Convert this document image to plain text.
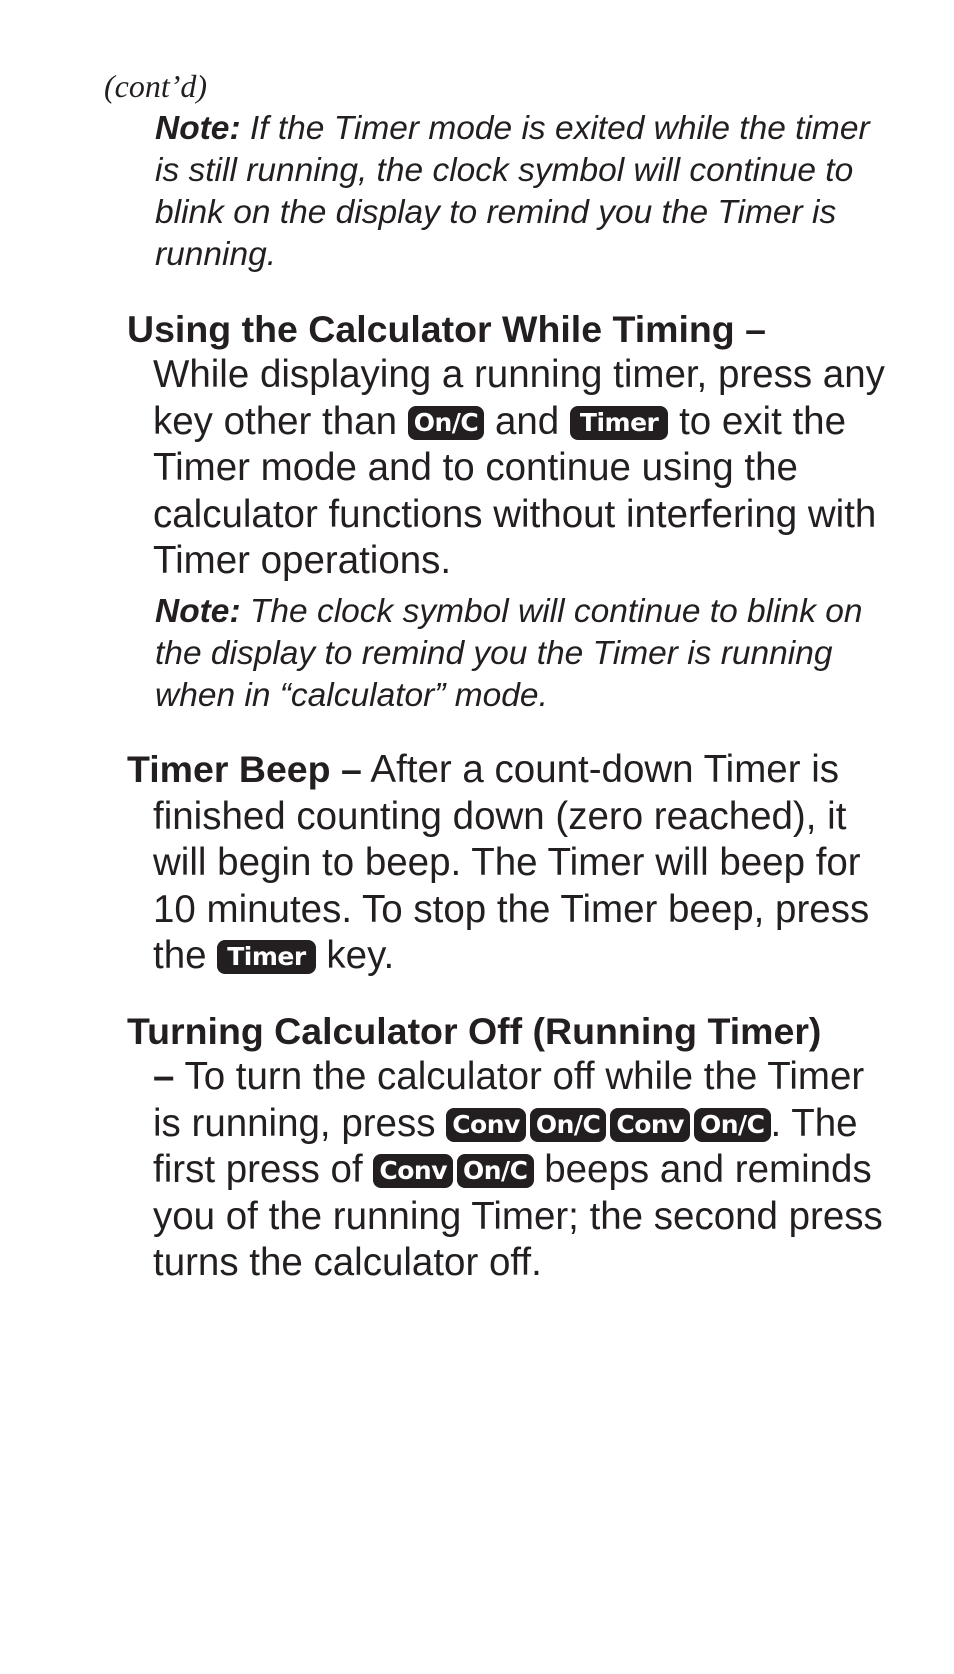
(cont’d)

Note: If the Timer mode is exited while the timer is still running, the clock symbol will continue to blink on the display to remind you the Timer is running.

Using the Calculator While Timing –

While displaying a running timer, press any key other than On/C and Timer to exit the Timer mode and to continue using the calculator functions without interfering with Timer operations.

Note: The clock symbol will continue to blink on the display to remind you the Timer is running when in “calculator” mode.

Timer Beep – After a count-down Timer is finished counting down (zero reached), it will begin to beep. The Timer will beep for 10 minutes. To stop the Timer beep, press the Timer key.

Turning Calculator Off (Running Timer)

– To turn the calculator off while the Timer is running, press Conv On/C Conv On/C . The first press of Conv On/C beeps and reminds you of the running Timer; the second press turns the calculator off.
